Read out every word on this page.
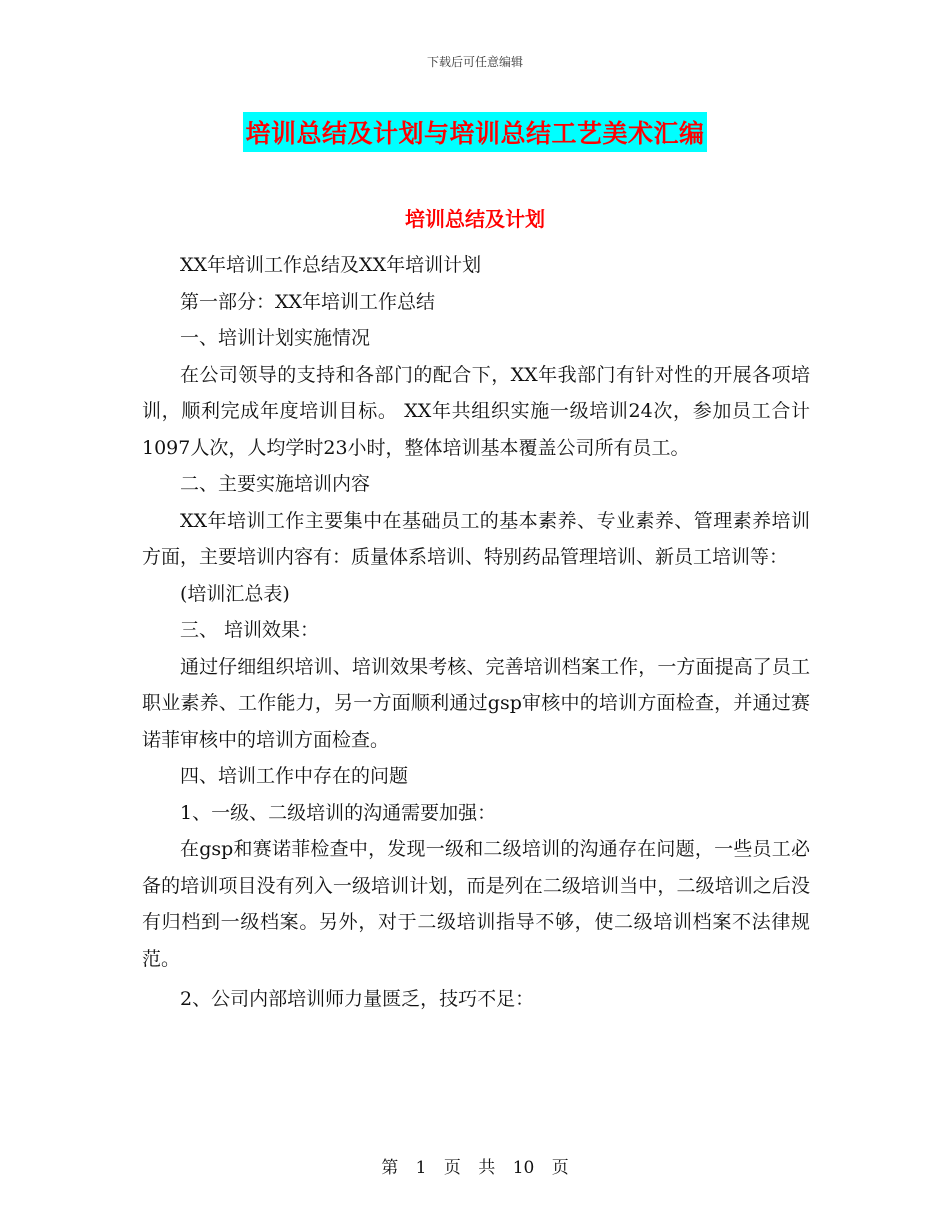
下载后可任意编辑
培训总结及计划与培训总结工艺美术汇编
培训总结及计划

XX年培训工作总结及XX年培训计划

第一部分：XX年培训工作总结

一、培训计划实施情况

在公司领导的支持和各部门的配合下，XX年我部门有针对性的开展各项培训，顺利完成年度培训目标。 XX年共组织实施一级培训24次，参加员工合计1097人次，人均学时23小时，整体培训基本覆盖公司所有员工。

二、主要实施培训内容

XX年培训工作主要集中在基础员工的基本素养、专业素养、管理素养培训方面，主要培训内容有：质量体系培训、特别药品管理培训、新员工培训等：

(培训汇总表)

三、 培训效果：

通过仔细组织培训、培训效果考核、完善培训档案工作，一方面提高了员工职业素养、工作能力，另一方面顺利通过gsp审核中的培训方面检查，并通过赛诺菲审核中的培训方面检查。

四、培训工作中存在的问题

1、一级、二级培训的沟通需要加强：

在gsp和赛诺菲检查中，发现一级和二级培训的沟通存在问题，一些员工必备的培训项目没有列入一级培训计划，而是列在二级培训当中，二级培训之后没有归档到一级档案。另外，对于二级培训指导不够，使二级培训档案不法律规范。

2、公司内部培训师力量匮乏，技巧不足：

第 1 页 共 10 页
